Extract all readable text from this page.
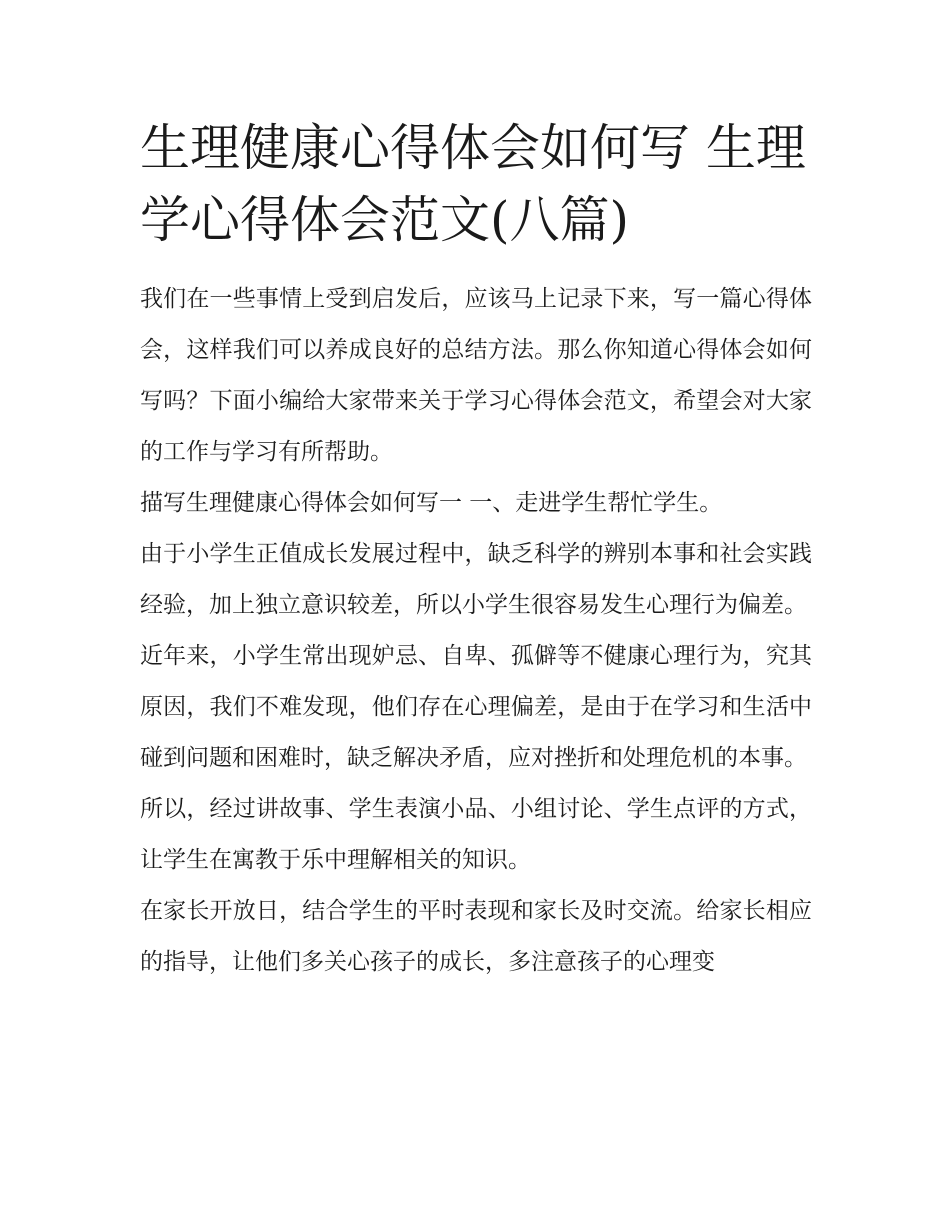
生理健康心得体会如何写 生理学心得体会范文(八篇)

我们在一些事情上受到启发后，应该马上记录下来，写一篇心得体会，这样我们可以养成良好的总结方法。那么你知道心得体会如何写吗？下面小编给大家带来关于学习心得体会范文，希望会对大家的工作与学习有所帮助。

描写生理健康心得体会如何写一 一、走进学生帮忙学生。

由于小学生正值成长发展过程中，缺乏科学的辨别本事和社会实践经验，加上独立意识较差，所以小学生很容易发生心理行为偏差。

近年来，小学生常出现妒忌、自卑、孤僻等不健康心理行为，究其原因，我们不难发现，他们存在心理偏差，是由于在学习和生活中碰到问题和困难时，缺乏解决矛盾，应对挫折和处理危机的本事。

所以，经过讲故事、学生表演小品、小组讨论、学生点评的方式，让学生在寓教于乐中理解相关的知识。

在家长开放日，结合学生的平时表现和家长及时交流。给家长相应的指导，让他们多关心孩子的成长，多注意孩子的心理变
